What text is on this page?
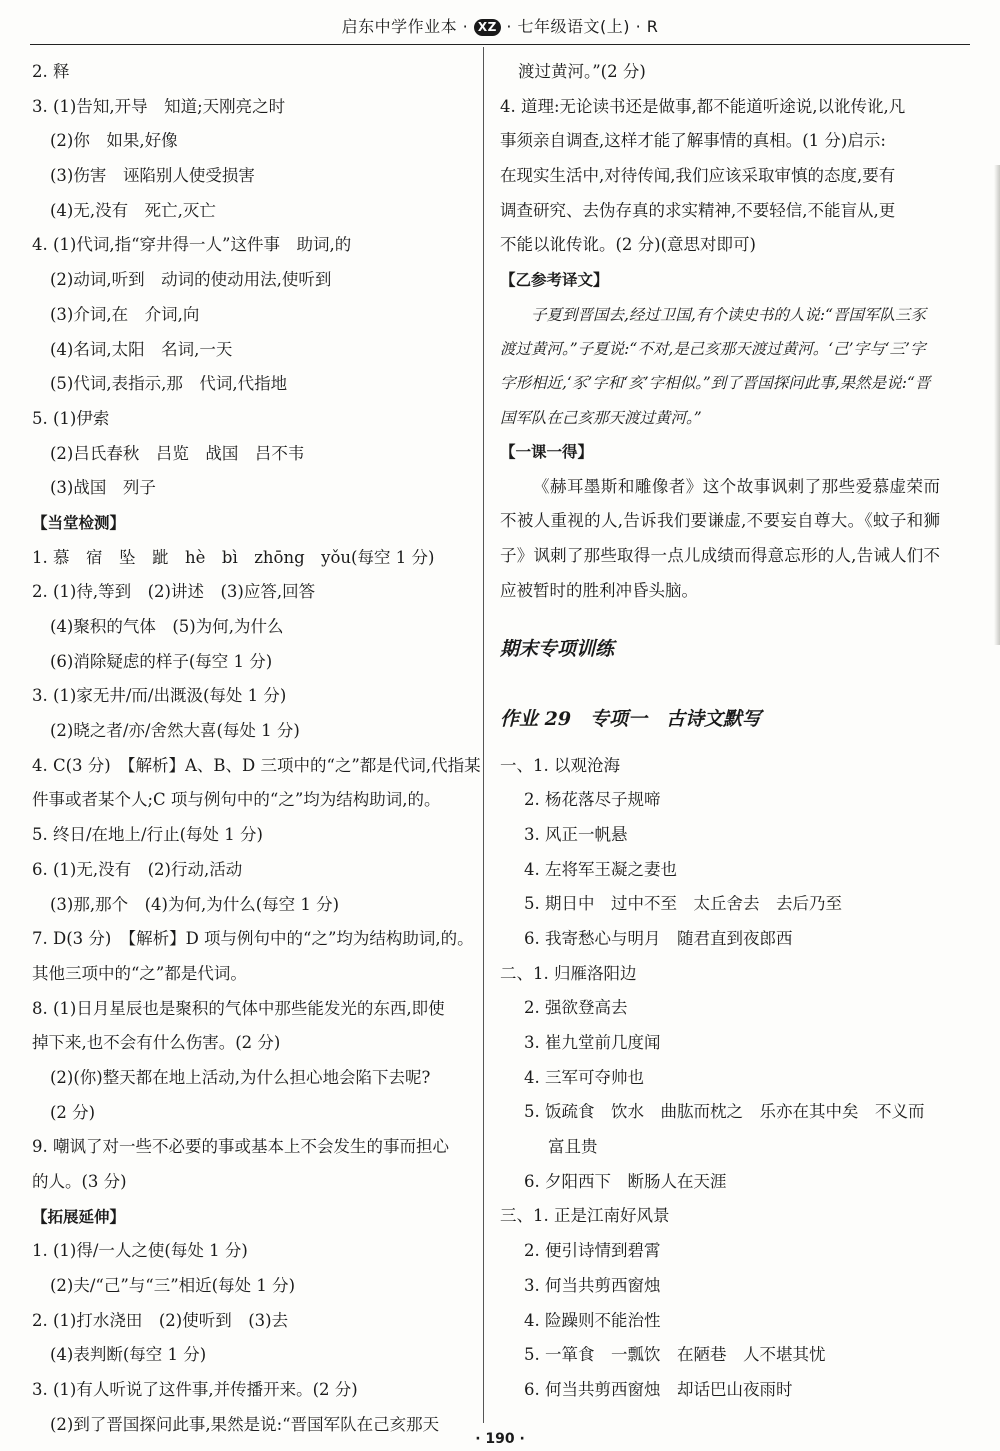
启东中学作业本 · XZ · 七年级语文(上) · R
2. 释
3. (1)告知,开导　知道;天刚亮之时
(2)你　如果,好像
(3)伤害　诬陷别人使受损害
(4)无,没有　死亡,灭亡
4. (1)代词,指“穿井得一人”这件事　助词,的
(2)动词,听到　动词的使动用法,使听到
(3)介词,在　介词,向
(4)名词,太阳　名词,一天
(5)代词,表指示,那　代词,代指地
5. (1)伊索
(2)吕氏春秋　吕览　战国　吕不韦
(3)战国　列子
【当堂检测】
1. 慕　宿　坠　跐　hè　bì　zhōng　yǒu(每空 1 分)
2. (1)待,等到　(2)讲述　(3)应答,回答
(4)聚积的气体　(5)为何,为什么
(6)消除疑虑的样子(每空 1 分)
3. (1)家无井/而/出溉汲(每处 1 分)
(2)晓之者/亦/舍然大喜(每处 1 分)
4. C(3 分)　【解析】A、B、D 三项中的“之”都是代词,代指某
件事或者某个人;C 项与例句中的“之”均为结构助词,的。
5. 终日/在地上/行止(每处 1 分)
6. (1)无,没有　(2)行动,活动
(3)那,那个　(4)为何,为什么(每空 1 分)
7. D(3 分)　【解析】D 项与例句中的“之”均为结构助词,的。
其他三项中的“之”都是代词。
8. (1)日月星辰也是聚积的气体中那些能发光的东西,即使
掉下来,也不会有什么伤害。(2 分)
(2)(你)整天都在地上活动,为什么担心地会陷下去呢?
(2 分)
9. 嘲讽了对一些不必要的事或基本上不会发生的事而担心
的人。(3 分)
【拓展延伸】
1. (1)得/一人之使(每处 1 分)
(2)夫/“己”与“三”相近(每处 1 分)
2. (1)打水浇田　(2)使听到　(3)去
(4)表判断(每空 1 分)
3. (1)有人听说了这件事,并传播开来。(2 分)
(2)到了晋国探问此事,果然是说:“晋国军队在己亥那天
渡过黄河。”(2 分)
4. 道理:无论读书还是做事,都不能道听途说,以讹传讹,凡
事须亲自调查,这样才能了解事情的真相。(1 分)启示:
在现实生活中,对待传闻,我们应该采取审慎的态度,要有
调查研究、去伪存真的求实精神,不要轻信,不能盲从,更
不能以讹传讹。(2 分)(意思对即可)
【乙参考译文】
子夏到晋国去,经过卫国,有个读史书的人说:“晋国军队三豕渡过黄河。”子夏说:“不对,是己亥那天渡过黄河。‘己’字与‘三’字字形相近,‘豕’字和‘亥’字相似。”到了晋国探问此事,果然是说:“晋国军队在己亥那天渡过黄河。”
【一课一得】
《赫耳墨斯和雕像者》这个故事讽刺了那些爱慕虚荣而不被人重视的人,告诉我们要谦虚,不要妄自尊大。《蚊子和狮子》讽刺了那些取得一点儿成绩而得意忘形的人,告诫人们不应被暂时的胜利冲昏头脑。
期末专项训练
作业 29　专项一　古诗文默写
一、1. 以观沧海
2. 杨花落尽子规啼
3. 风正一帆悬
4. 左将军王凝之妻也
5. 期日中　过中不至　太丘舍去　去后乃至
6. 我寄愁心与明月　随君直到夜郎西
二、1. 归雁洛阳边
2. 强欲登高去
3. 崔九堂前几度闻
4. 三军可夺帅也
5. 饭疏食　饮水　曲肱而枕之　乐亦在其中矣　不义而
富且贵
6. 夕阳西下　断肠人在天涯
三、1. 正是江南好风景
2. 便引诗情到碧霄
3. 何当共剪西窗烛
4. 险躁则不能治性
5. 一箪食　一瓢饮　在陋巷　人不堪其忧
6. 何当共剪西窗烛　却话巴山夜雨时
· 190 ·
